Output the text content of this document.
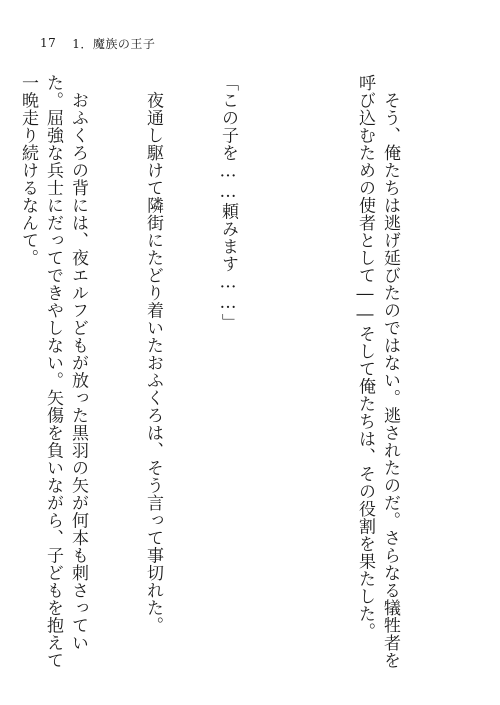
17 1．魔族の王子

　そう、俺たちは逃げ延びたのではない。逃されたのだ。さらなる犠牲者を呼び込むための使者として――そして俺たちは、その役割を果たした。

「この子を……頼みます……」

　夜通し駆けて隣街にたどり着いたおふくろは、そう言って事切れた。

　おふくろの背には、夜エルフどもが放った黒羽の矢が何本も刺さっていた。屈強な兵士にだってできやしない。矢傷を負いながら、子どもを抱えて一晩走り続けるなんて。
